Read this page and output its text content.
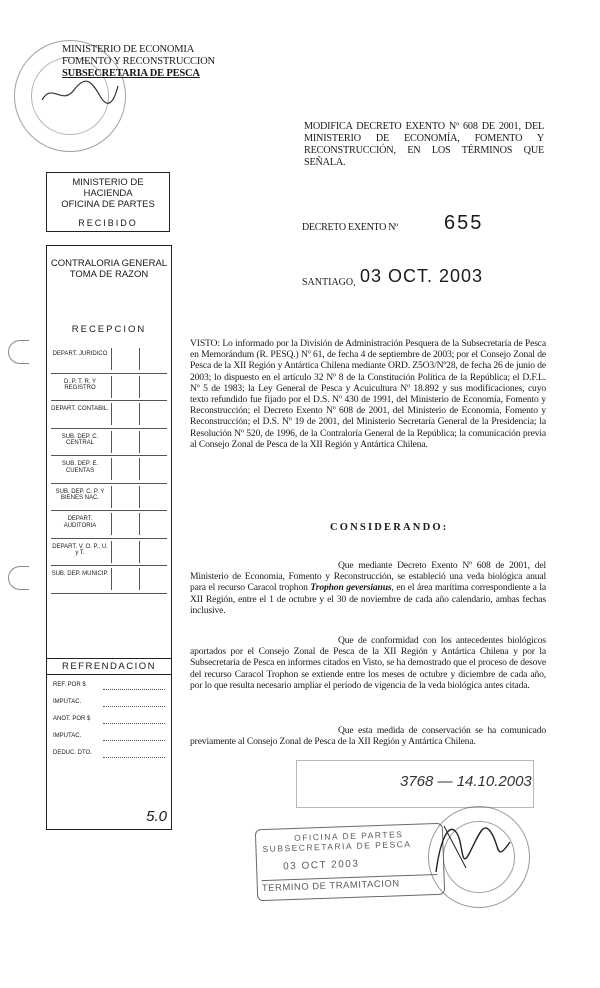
MINISTERIO DE ECONOMIA
FOMENTO Y RECONSTRUCCION
SUBSECRETARIA DE PESCA
MODIFICA DECRETO EXENTO Nº 608 DE 2001, DEL MINISTERIO DE ECONOMÍA, FOMENTO Y RECONSTRUCCIÓN, EN LOS TÉRMINOS QUE SEÑALA.
DECRETO EXENTO Nº 655
SANTIAGO, 03 OCT. 2003
MINISTERIO DE HACIENDA
OFICINA DE PARTES
RECIBIDO
CONTRALORIA GENERAL
TOMA DE RAZON
RECEPCION
DEPART. JURIDICO
D. P. T. R. Y REGISTRO
DEPART. CONTABIL.
SUB. DEP. C. CENTRAL
SUB. DEP. E. CUENTAS
SUB. DEP. C. P. Y BIENES NAC.
DEPART. AUDITORIA
DEPART. V. O. P., U. y T.
SUB. DEP. MUNICIP.
REFRENDACION
REF. POR $
IMPUTAC.
ANOT. POR $
IMPUTAC.
DEDUC. DTO.
5.0
VISTO: Lo informado por la División de Administración Pesquera de la Subsecretaría de Pesca en Memorándum (R. PESQ.) Nº 61, de fecha 4 de septiembre de 2003; por el Consejo Zonal de Pesca de la XII Región y Antártica Chilena mediante ORD. Z5O3/Nº28, de fecha 26 de junio de 2003; lo dispuesto en el artículo 32 Nº 8 de la Constitución Política de la República; el D.F.L. Nº 5 de 1983; la Ley General de Pesca y Acuicultura Nº 18.892 y sus modificaciones, cuyo texto refundido fue fijado por el D.S. Nº 430 de 1991, del Ministerio de Economía, Fomento y Reconstrucción; el Decreto Exento Nº 608 de 2001, del Ministerio de Economía, Fomento y Reconstrucción; el D.S. Nº 19 de 2001, del Ministerio Secretaría General de la Presidencia; la Resolución Nº 520, de 1996, de la Contraloría General de la República; la comunicación previa al Consejo Zonal de Pesca de la XII Región y Antártica Chilena.
CONSIDERANDO:
Que mediante Decreto Exento Nº 608 de 2001, del Ministerio de Economía, Fomento y Reconstrucción, se estableció una veda biológica anual para el recurso Caracol trophon Trophon geversianus, en el área marítima correspondiente a la XII Región, entre el 1 de octubre y el 30 de noviembre de cada año calendario, ambas fechas inclusive.
Que de conformidad con los antecedentes biológicos aportados por el Consejo Zonal de Pesca de la XII Región y Antártica Chilena y por la Subsecretaría de Pesca en informes citados en Visto, se ha demostrado que el proceso de desove del recurso Caracol Trophon se extiende entre los meses de octubre y diciembre de cada año, por lo que resulta necesario ampliar el período de vigencia de la veda biológica antes citada.
Que esta medida de conservación se ha comunicado previamente al Consejo Zonal de Pesca de la XII Región y Antártica Chilena.
3768 — 14.10.2003
OFICINA DE PARTES
SUBSECRETARIA DE PESCA
03 OCT 2003
TERMINO DE TRAMITACION
